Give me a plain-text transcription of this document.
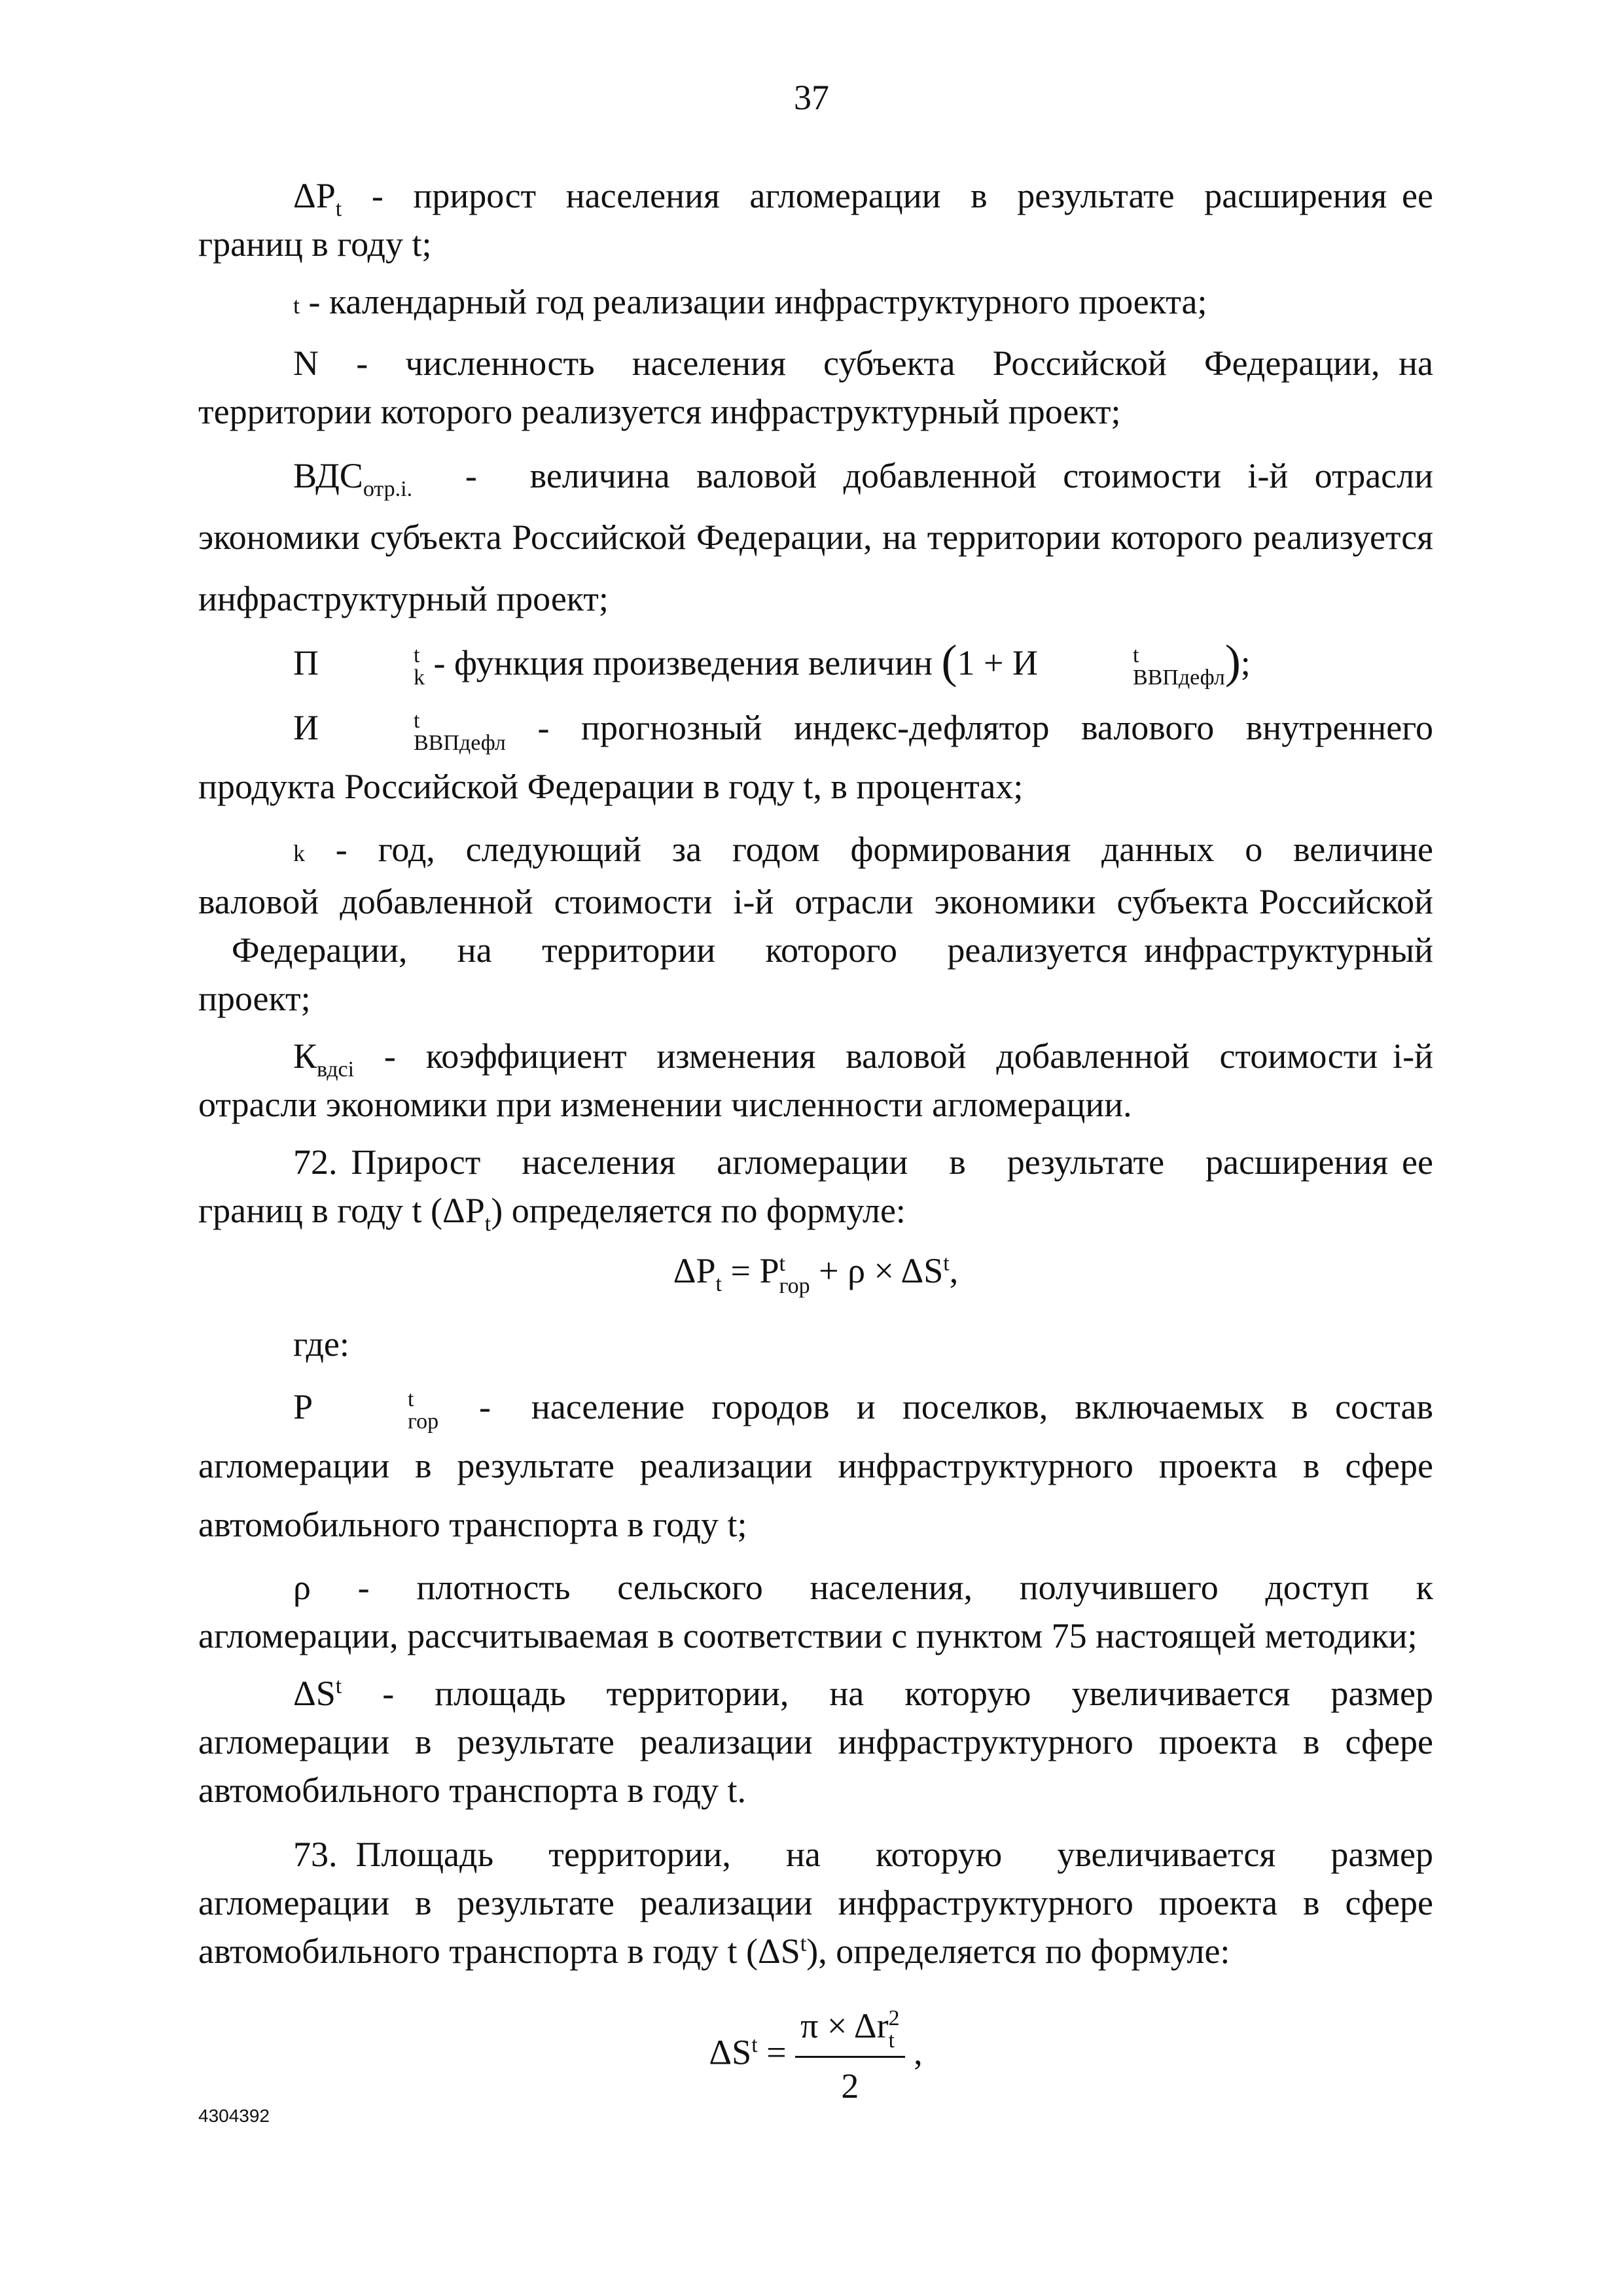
37

$\Delta P_t$  -  прирост  населения  агломерации  в  результате  расширения ее границ в году t;

t - календарный год реализации инфраструктурного проекта;

N  -  численность  населения  субъекта  Российской  Федерации, на территории которого реализуется инфраструктурный проект;

$ВДС_{отр.i.}$  -  величина валовой добавленной стоимости i-й отрасли экономики субъекта Российской Федерации, на территории которого реализуется инфраструктурный проект;

П	t
k - функция произведения величин (1 + И	t
ВВПдефл );

И	t
ВВПдефл -  прогнозный  индекс-дефлятор  валового  внутреннего продукта Российской Федерации в году t, в процентах;

k  -  год,  следующий  за  годом  формирования  данных  о  величине валовой  добавленной  стоимости  i-й  отрасли  экономики  субъекта Российской   Федерации,   на   территории   которого   реализуется инфраструктурный проект;

$К_{вдсi}$  -  коэффициент  изменения  валовой  добавленной  стоимости i-й отрасли экономики при изменении численности агломерации.

72. Прирост   населения   агломерации   в   результате   расширения ее границ в году t $(\Delta P_t)$ определяется по формуле:

$\Delta P_t = P$ t
гор + $\rho \times \Delta S^t$,

где:

P	t
гор -   население  городов  и  поселков,  включаемых  в  состав агломерации в результате реализации инфраструктурного проекта в сфере автомобильного транспорта в году t;

ρ  -  плотность  сельского  населения,  получившего  доступ  к агломерации, рассчитываемая в соответствии с пунктом 75 настоящей методики;

$\Delta S^t$  -  площадь  территории,  на  которую  увеличивается  размер агломерации в результате реализации инфраструктурного проекта в сфере автомобильного транспорта в году t.

73. Площадь   территории,   на   которую   увеличивается   размер агломерации в результате реализации инфраструктурного проекта в сфере автомобильного транспорта в году t $(\Delta S^t)$, определяется по формуле:

$\Delta S^t = \pi \times \Delta r$ 2
t
2 ,
4304392
